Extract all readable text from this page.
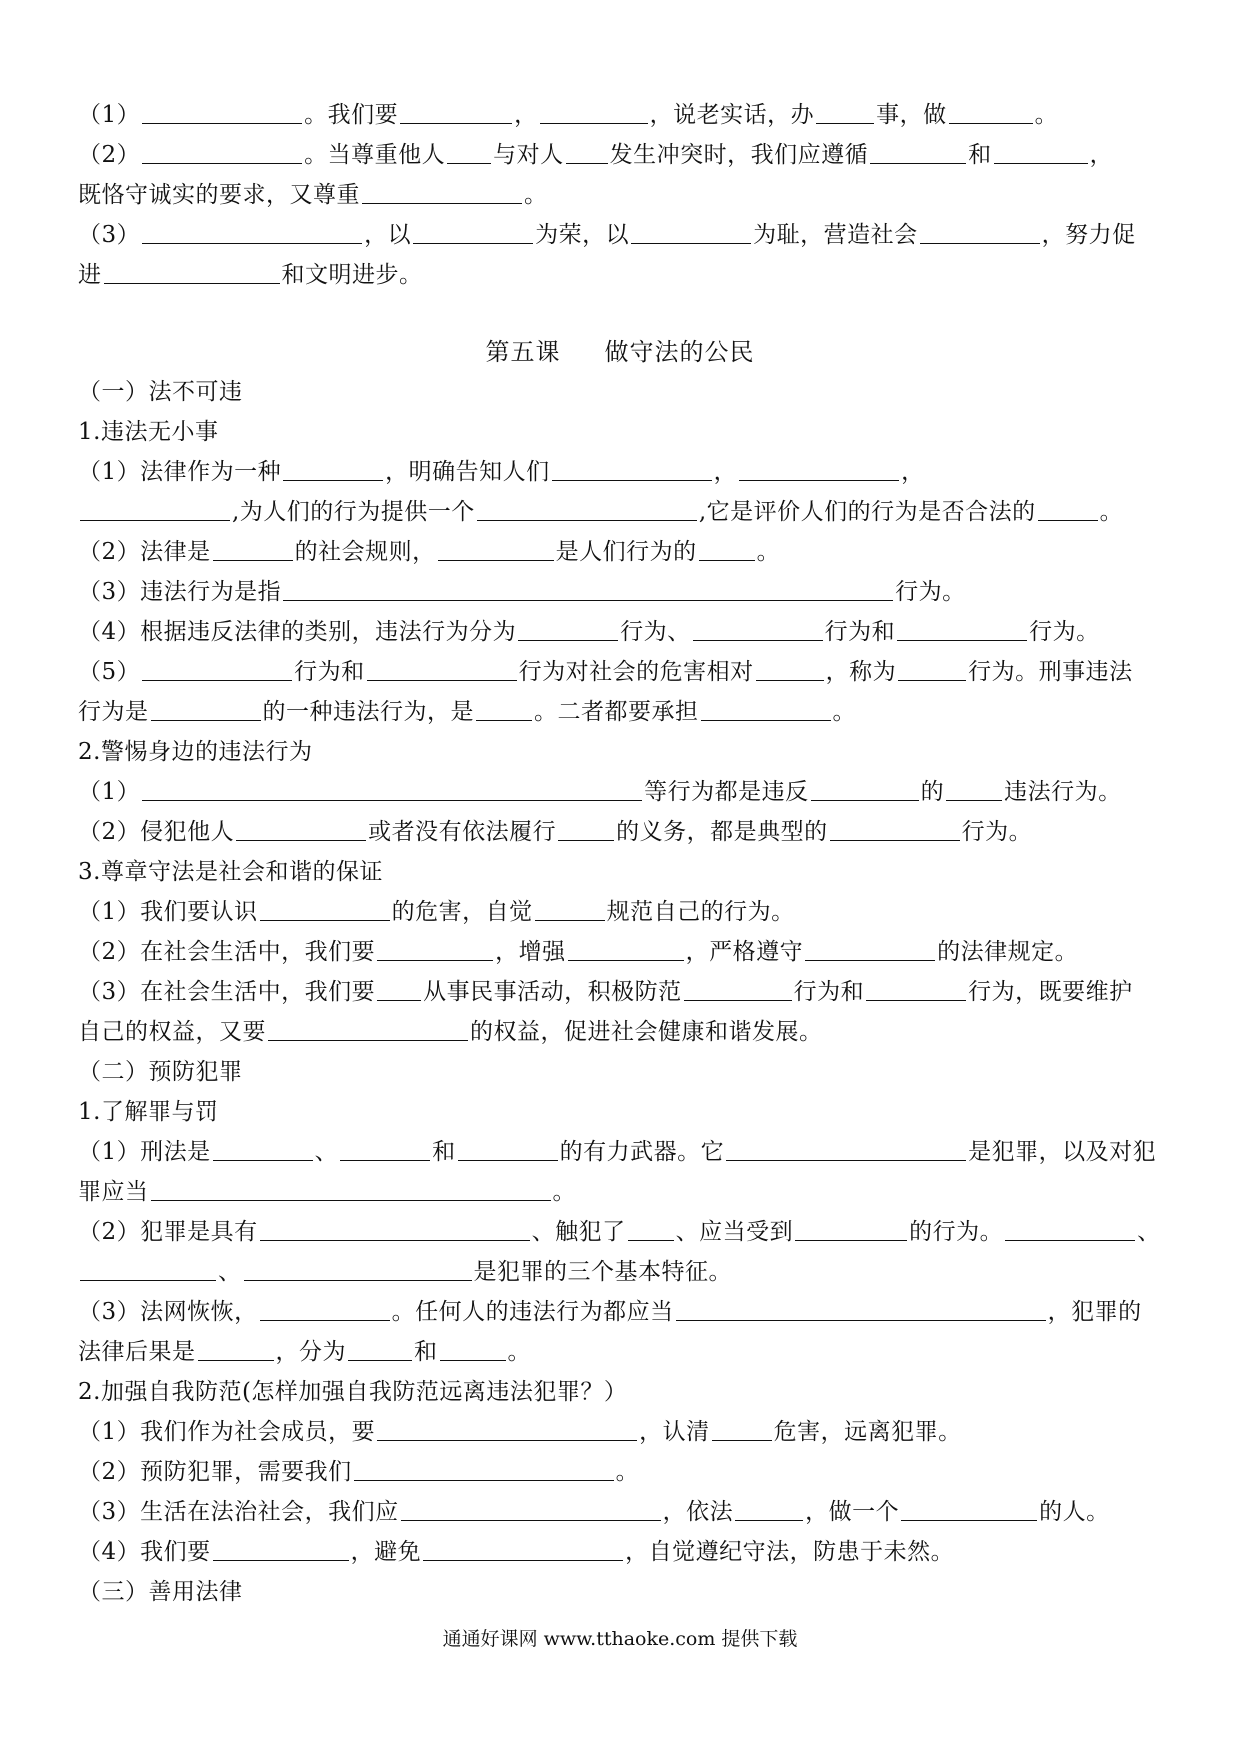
（1）	。我们要	，	，说老实话，办	事，做	。
（2）	。当尊重他人 与对人 发生冲突时，我们应遵循	和	，
既恪守诚实的要求，又尊重	。
（3）	，以	为荣，以	为耻，营造社会	，努力促
进	和文明进步。
（一）法不可违
1.违法无小事
（1）法律作为一种	，明确告知人们	，	，
,为人们的行为提供一个	,它是评价人们的行为是否合法的	。
（2）法律是	的社会规则，	是人们行为的	。
（3）违法行为是指	行为。
（4）根据违反法律的类别，违法行为分为	行为、	行为和	行为。
（5）	行为和	行为对社会的危害相对	，称为	行为。刑事违法
行为是	的一种违法行为，是	。二者都要承担	。
2.警惕身边的违法行为
（1）	等行为都是违反	的	违法行为。
（2）侵犯他人	或者没有依法履行	的义务，都是典型的	行为。
3.尊章守法是社会和谐的保证
（1）我们要认识	的危害，自觉	规范自己的行为。
（2）在社会生活中，我们要	，增强	，严格遵守	的法律规定。
（3）在社会生活中，我们要 从事民事活动，积极防范	行为和	行为，既要维护
自己的权益，又要	的权益，促进社会健康和谐发展。
（二）预防犯罪
1.了解罪与罚
（1）刑法是	、	和	的有力武器。它	是犯罪，以及对犯
罪应当	。
（2）犯罪是具有	、触犯了 、应当受到	的行为。	、
、	是犯罪的三个基本特征。
（3）法网恢恢，	。任何人的违法行为都应当	，犯罪的
法律后果是	，分为	和	。
2.加强自我防范(怎样加强自我防范远离违法犯罪？）
（1）我们作为社会成员，要	，认清	危害，远离犯罪。
（2）预防犯罪，需要我们	。
（3）生活在法治社会，我们应	，依法	，做一个	的人。
（4）我们要	，避免	，自觉遵纪守法，防患于未然。
（三）善用法律
第五课 做守法的公民
通通好课网 www.tthaoke.com 提供下载
